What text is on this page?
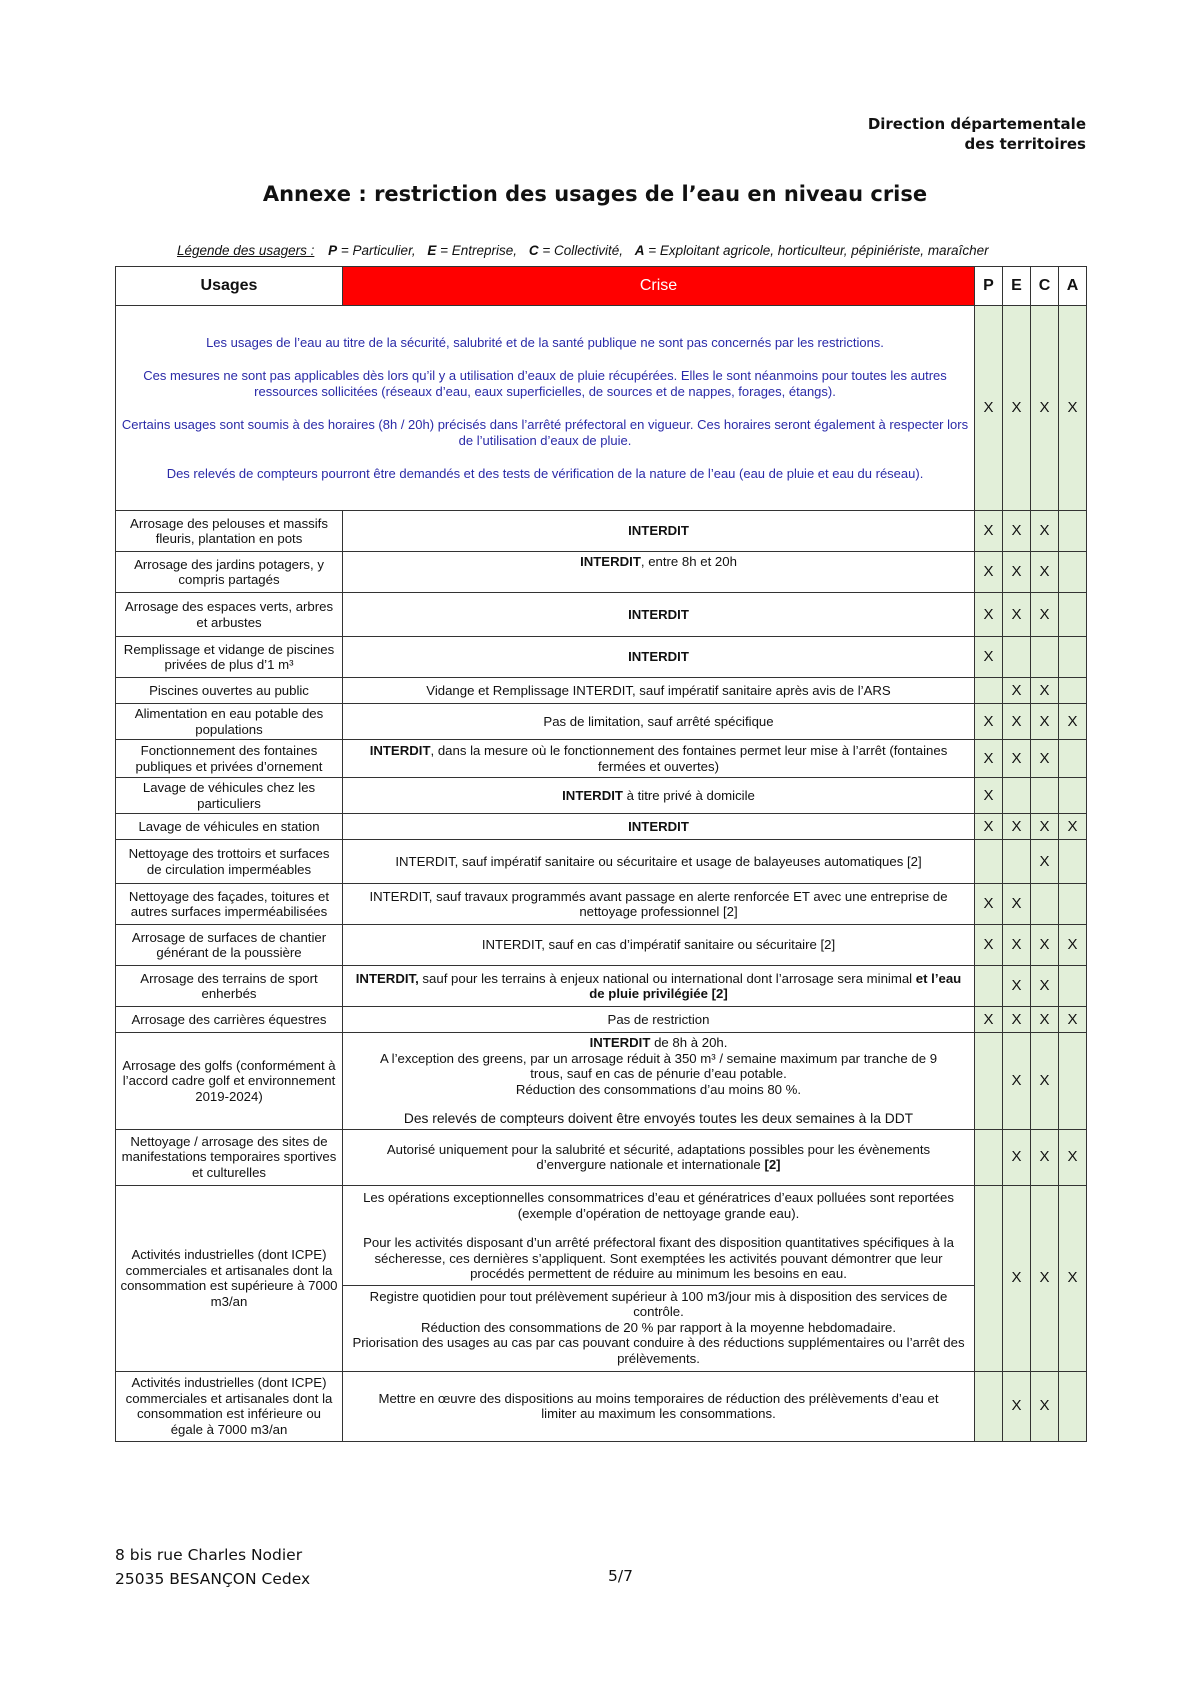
Direction départementale
des territoires
Annexe : restriction des usages de l’eau en niveau crise
Légende des usagers : P = Particulier, E = Entreprise, C = Collectivité, A = Exploitant agricole, horticulteur, pépiniériste, maraîcher
Usages	Crise	P	E	C	A

Les usages de l’eau au titre de la sécurité, salubrité et de la santé publique ne sont pas concernés par les restrictions.

Ces mesures ne sont pas applicables dès lors qu’il y a utilisation d’eaux de pluie récupérées. Elles le sont néanmoins pour toutes les autres ressources sollicitées (réseaux d’eau, eaux superficielles, de sources et de nappes, forages, étangs).

Certains usages sont soumis à des horaires (8h / 20h) précisés dans l’arrêté préfectoral en vigueur. Ces horaires seront également à respecter lors de l’utilisation d’eaux de pluie.

Des relevés de compteurs pourront être demandés et des tests de vérification de la nature de l’eau (eau de pluie et eau du réseau).		X	X	X	X
Arrosage des pelouses et massifs fleuris, plantation en pots	INTERDIT	X	X	X	
Arrosage des jardins potagers, y compris partagés	INTERDIT, entre 8h et 20h	X	X	X	
Arrosage des espaces verts, arbres et arbustes	INTERDIT	X	X	X	
Remplissage et vidange de piscines privées de plus d’1 m³	INTERDIT	X			
Piscines ouvertes au public	Vidange et Remplissage INTERDIT, sauf impératif sanitaire après avis de l’ARS		X	X	
Alimentation en eau potable des populations	Pas de limitation, sauf arrêté spécifique	X	X	X	X
Fonctionnement des fontaines publiques et privées d’ornement	INTERDIT, dans la mesure où le fonctionnement des fontaines permet leur mise à l’arrêt (fontaines fermées et ouvertes)	X	X	X	
Lavage de véhicules chez les particuliers	INTERDIT à titre privé à domicile	X			
Lavage de véhicules en station	INTERDIT	X	X	X	X
Nettoyage des trottoirs et surfaces de circulation imperméables	INTERDIT, sauf impératif sanitaire ou sécuritaire et usage de balayeuses automatiques [2]			X	
Nettoyage des façades, toitures et autres surfaces imperméabilisées	INTERDIT, sauf travaux programmés avant passage en alerte renforcée ET avec une entreprise de nettoyage professionnel [2]	X	X		
Arrosage de surfaces de chantier générant de la poussière	INTERDIT, sauf en cas d’impératif sanitaire ou sécuritaire [2]	X	X	X	X
Arrosage des terrains de sport enherbés	INTERDIT, sauf pour les terrains à enjeux national ou international dont l’arrosage sera minimal et l’eau de pluie privilégiée [2]		X	X	
Arrosage des carrières équestres	Pas de restriction	X	X	X	X
Arrosage des golfs (conformément à l’accord cadre golf et environnement 2019-2024)	INTERDIT de 8h à 20h.
A l’exception des greens, par un arrosage réduit à 350 m³ / semaine maximum par tranche de 9 trous, sauf en cas de pénurie d’eau potable.
Réduction des consommations d’au moins 80 %.
Des relevés de compteurs doivent être envoyés toutes les deux semaines à la DDT		X	X	
Nettoyage / arrosage des sites de manifestations temporaires sportives et culturelles	Autorisé uniquement pour la salubrité et sécurité, adaptations possibles pour les évènements d’envergure nationale et internationale [2]		X	X	X
Activités industrielles (dont ICPE) commerciales et artisanales dont la consommation est supérieure à 7000 m3/an	Les opérations exceptionnelles consommatrices d’eau et génératrices d’eaux polluées sont reportées (exemple d’opération de nettoyage grande eau).
Pour les activités disposant d’un arrêté préfectoral fixant des disposition quantitatives spécifiques à la sécheresse, ces dernières s’appliquent. Sont exemptées les activités pouvant démontrer que leur procédés permettent de réduire au minimum les besoins en eau.
Registre quotidien pour tout prélèvement supérieur à 100 m3/jour mis à disposition des services de contrôle.
Réduction des consommations de 20 % par rapport à la moyenne hebdomadaire.
Priorisation des usages au cas par cas pouvant conduire à des réductions supplémentaires ou l’arrêt des prélèvements.		X	X	X
Activités industrielles (dont ICPE) commerciales et artisanales dont la consommation est inférieure ou égale à 7000 m3/an	Mettre en œuvre des dispositions au moins temporaires de réduction des prélèvements d’eau et limiter au maximum les consommations.		X	X	
8 bis rue Charles Nodier
25035 BESANÇON Cedex	5/7
